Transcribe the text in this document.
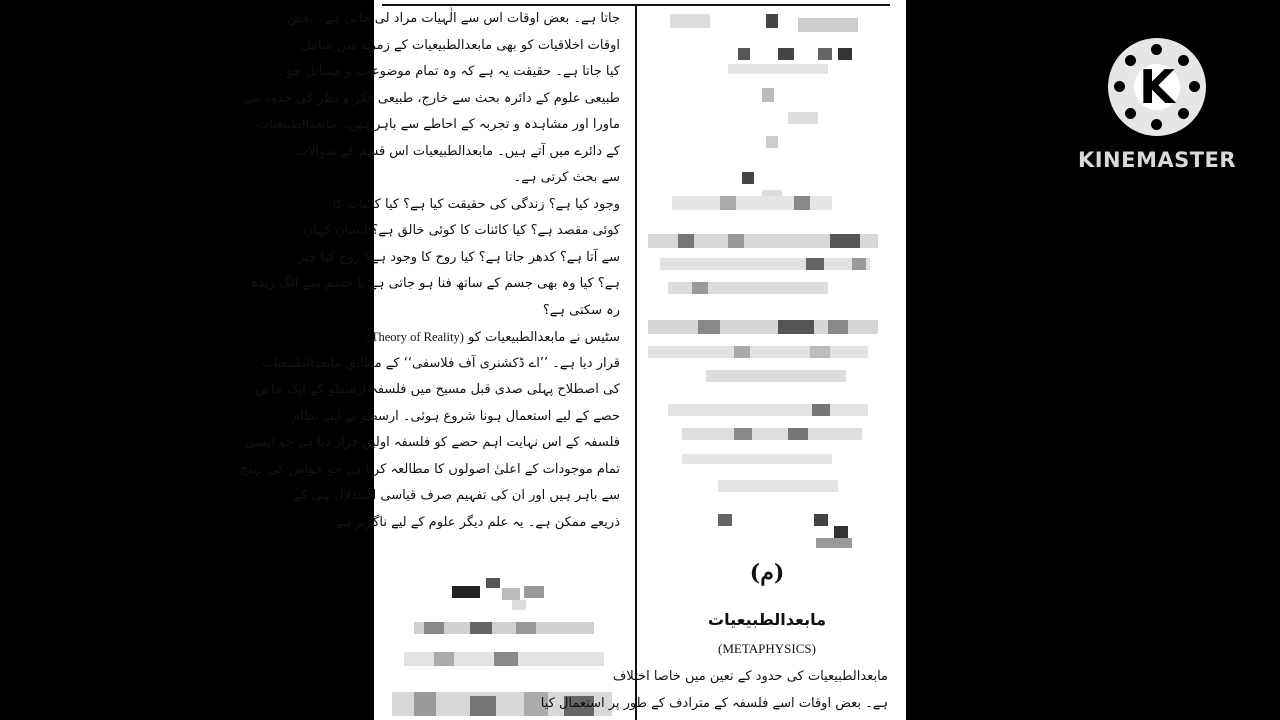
جاتا ہے۔ بعض اوقات اس سے الٰہیات مراد لی جاتی ہے۔ بعض
اوقات اخلاقیات کو بھی مابعدالطبیعیات کے زمرے میں شامل
کیا جاتا ہے۔ حقیقت یہ ہے کہ وہ تمام موضوعات و مسائل جو
طبیعی علوم کے دائرہ بحث سے خارج، طبیعی فکر و نظر کی حدود سے
ماورا اور مشاہدہ و تجربہ کے احاطے سے باہر ہیں۔ مابعدالطبیعیات
کے دائرے میں آتے ہیں۔ مابعدالطبیعیات اس قسم کے سوالات
سے بحث کرتی ہے۔
وجود کیا ہے؟ زندگی کی حقیقت کیا ہے؟ کیا کائنات کا
کوئی مقصد ہے؟ کیا کائنات کا کوئی خالق ہے؟ انسان کہاں
سے آتا ہے؟ کدھر جاتا ہے؟ کیا روح کا وجود ہے؟ روح کیا چیز
ہے؟ کیا وہ بھی جسم کے ساتھ فنا ہو جاتی ہے یا جسم سے الگ زندہ
رہ سکتی ہے؟
سٹیس نے مابعدالطبیعیات کو (Theory of Reality)
قرار دیا ہے۔ ’’اے ڈکشنری آف فلاسفی‘‘ کے مطابق مابعدالطبیعیات
کی اصطلاح پہلی صدی قبل مسیح میں فلسفہ ارسطو کے ایک خاص
حصے کے لیے استعمال ہونا شروع ہوئی۔ ارسطو نے اپنے نظام
فلسفہ کے اس نہایت اہم حصے کو فلسفہ اولین قرار دیا ہے جو ایسی
تمام موجودات کے اعلیٰ اصولوں کا مطالعہ کرتا ہے جو حواس کی پہنچ
سے باہر ہیں اور ان کی تفہیم صرف قیاسی استدلال ہی کے
ذریعے ممکن ہے۔ یہ علم دیگر علوم کے لیے ناگزیر ہے۔
(م)
مابعدالطبیعیات
(METAPHYSICS)
مابعدالطبیعیات کی حدود کے تعین میں خاصا اختلاف
ہے۔ بعض اوقات اسے فلسفہ کے مترادف کے طور پر استعمال کیا
K
KINEMASTER
